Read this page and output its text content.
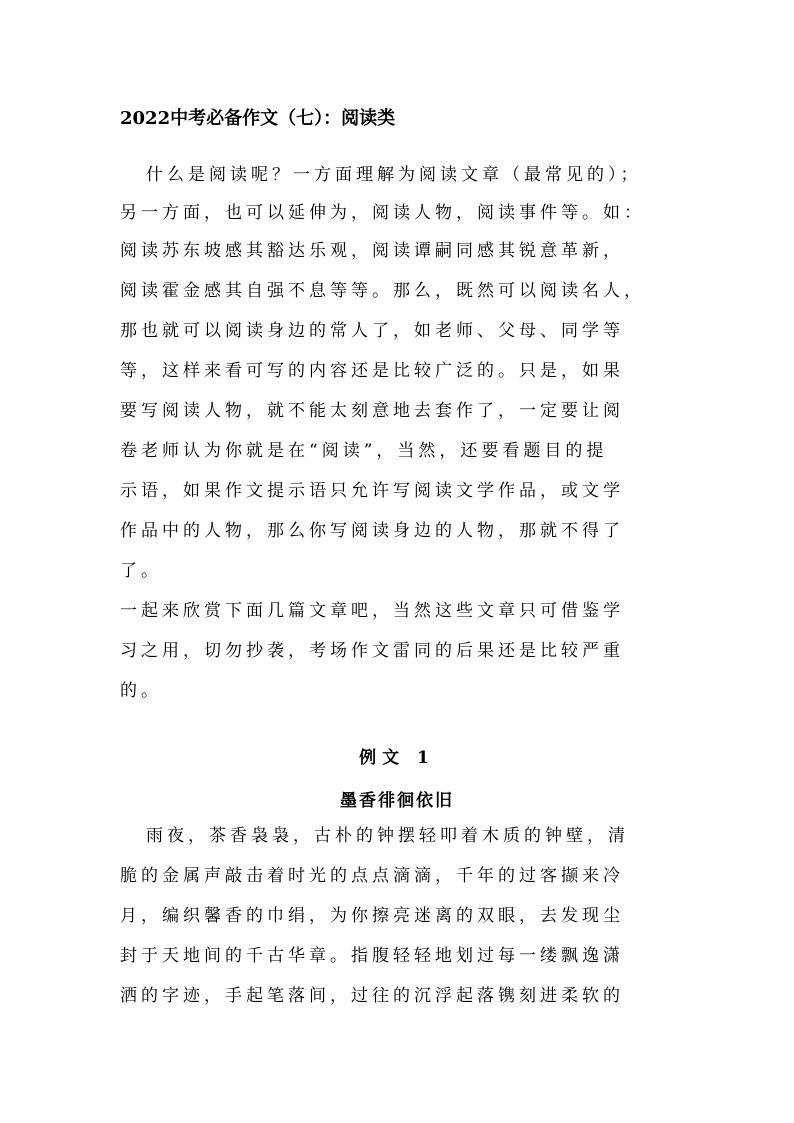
2022中考必备作文（七）：阅读类
什么是阅读呢？一方面理解为阅读文章（最常见的）；
另一方面，也可以延伸为，阅读人物，阅读事件等。如：
阅读苏东坡感其豁达乐观，阅读谭嗣同感其锐意革新，
阅读霍金感其自强不息等等。那么，既然可以阅读名人，
那也就可以阅读身边的常人了，如老师、父母、同学等
等，这样来看可写的内容还是比较广泛的。只是，如果
要写阅读人物，就不能太刻意地去套作了，一定要让阅
卷老师认为你就是在“阅读”，当然，还要看题目的提
示语，如果作文提示语只允许写阅读文学作品，或文学
作品中的人物，那么你写阅读身边的人物，那就不得了
了。
一起来欣赏下面几篇文章吧，当然这些文章只可借鉴学
习之用，切勿抄袭，考场作文雷同的后果还是比较严重
的。
例文 1
墨香徘徊依旧
雨夜，茶香袅袅，古朴的钟摆轻叩着木质的钟壁，清
脆的金属声敲击着时光的点点滴滴，千年的过客撷来冷
月，编织馨香的巾绢，为你擦亮迷离的双眼，去发现尘
封于天地间的千古华章。指腹轻轻地划过每一缕飘逸潇
洒的字迹，手起笔落间，过往的沉浮起落镌刻进柔软的
